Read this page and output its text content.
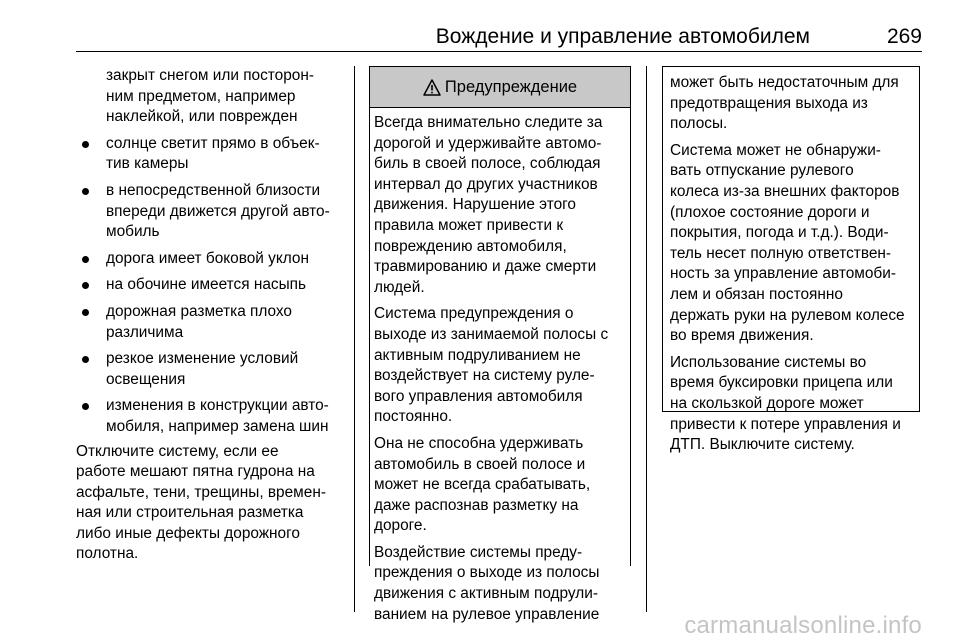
Вождение и управление автомобилем	269

закрыт снегом или посторон-

ним предметом, например

наклейкой, или поврежден

солнце светит прямо в объек-

тив камеры

в непосредственной близости

впереди движется другой авто-

мобиль

дорога имеет боковой уклон

на обочине имеется насыпь

дорожная разметка плохо

различима

резкое изменение условий

освещения

изменения в конструкции авто-

мобиля, например замена шин

Отключите систему, если ее

работе мешают пятна гудрона на

асфальте, тени, трещины, времен-

ная или строительная разметка

либо иные дефекты дорожного

полотна.

Предупреждение

Всегда внимательно следите за
дорогой и удерживайте автомо-
биль в своей полосе, соблюдая
интервал до других участников
движения. Нарушение этого
правила может привести к
повреждению автомобиля,
травмированию и даже смерти
людей.

Система предупреждения о
выходе из занимаемой полосы с
активным подруливанием не
воздействует на систему руле-
вого управления автомобиля
постоянно.

Она не способна удерживать
автомобиль в своей полосе и
может не всегда срабатывать,
даже распознав разметку на
дороге.

Воздействие системы преду-
преждения о выходе из полосы
движения с активным подрули-
ванием на рулевое управление

может быть недостаточным для
предотвращения выхода из
полосы.

Система может не обнаружи-
вать отпускание рулевого
колеса из-за внешних факторов
(плохое состояние дороги и
покрытия, погода и т.д.). Води-
тель несет полную ответствен-
ность за управление автомоби-
лем и обязан постоянно
держать руки на рулевом колесе
во время движения.

Использование системы во
время буксировки прицепа или
на скользкой дороге может
привести к потере управления и
ДТП. Выключите систему.

carmanualsonline.info
